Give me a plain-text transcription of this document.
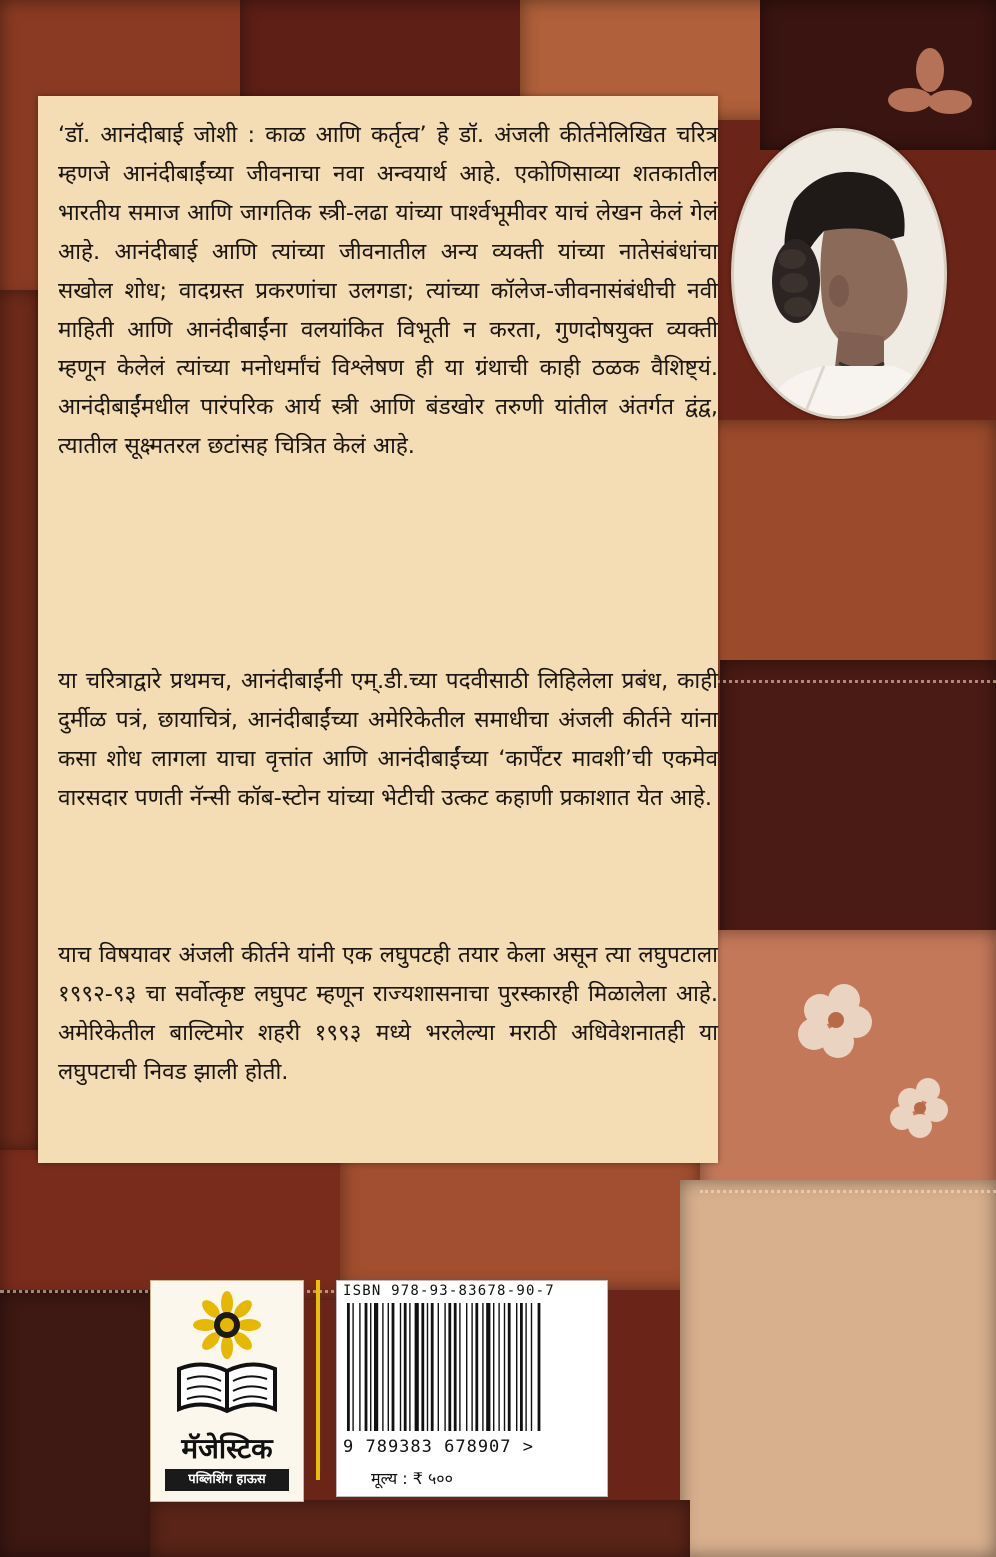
‘डॉ. आनंदीबाई जोशी : काळ आणि कर्तृत्व’ हे डॉ. अंजली कीर्तनेलिखित चरित्र म्हणजे आनंदीबाईंच्या जीवनाचा नवा अन्वयार्थ आहे. एकोणिसाव्या शतकातील भारतीय समाज आणि जागतिक स्त्री-लढा यांच्या पार्श्वभूमीवर याचं लेखन केलं गेलं आहे. आनंदीबाई आणि त्यांच्या जीवनातील अन्य व्यक्ती यांच्या नातेसंबंधांचा सखोल शोध; वादग्रस्त प्रकरणांचा उलगडा; त्यांच्या कॉलेज-जीवनासंबंधीची नवी माहिती आणि आनंदीबाईंना वलयांकित विभूती न करता, गुणदोषयुक्त व्यक्ती म्हणून केलेलं त्यांच्या मनोधर्मांचं विश्लेषण ही या ग्रंथाची काही ठळक वैशिष्ट्यं. आनंदीबाईंमधील पारंपरिक आर्य स्त्री आणि बंडखोर तरुणी यांतील अंतर्गत द्वंद्व, त्यातील सूक्ष्मतरल छटांसह चित्रित केलं आहे.

या चरित्राद्वारे प्रथमच, आनंदीबाईंनी एम्.डी.च्या पदवीसाठी लिहिलेला प्रबंध, काही दुर्मीळ पत्रं, छायाचित्रं, आनंदीबाईंच्या अमेरिकेतील समाधीचा अंजली कीर्तने यांना कसा शोध लागला याचा वृत्तांत आणि आनंदीबाईंच्या ‘कार्पेंटर मावशी’ची एकमेव वारसदार पणती नॅन्सी कॉब-स्टोन यांच्या भेटीची उत्कट कहाणी प्रकाशात येत आहे.

याच विषयावर अंजली कीर्तने यांनी एक लघुपटही तयार केला असून त्या लघुपटाला १९९२-९३ चा सर्वोत्कृष्ट लघुपट म्हणून राज्यशासनाचा पुरस्कारही मिळालेला आहे. अमेरिकेतील बाल्टिमोर शहरी १९९३ मध्ये भरलेल्या मराठी अधिवेशनातही या लघुपटाची निवड झाली होती.

मॅजेस्टिक
पब्लिशिंग हाऊस
ISBN 978-93-83678-90-7
9 789383 678907 >
मूल्य : ₹ ५००
